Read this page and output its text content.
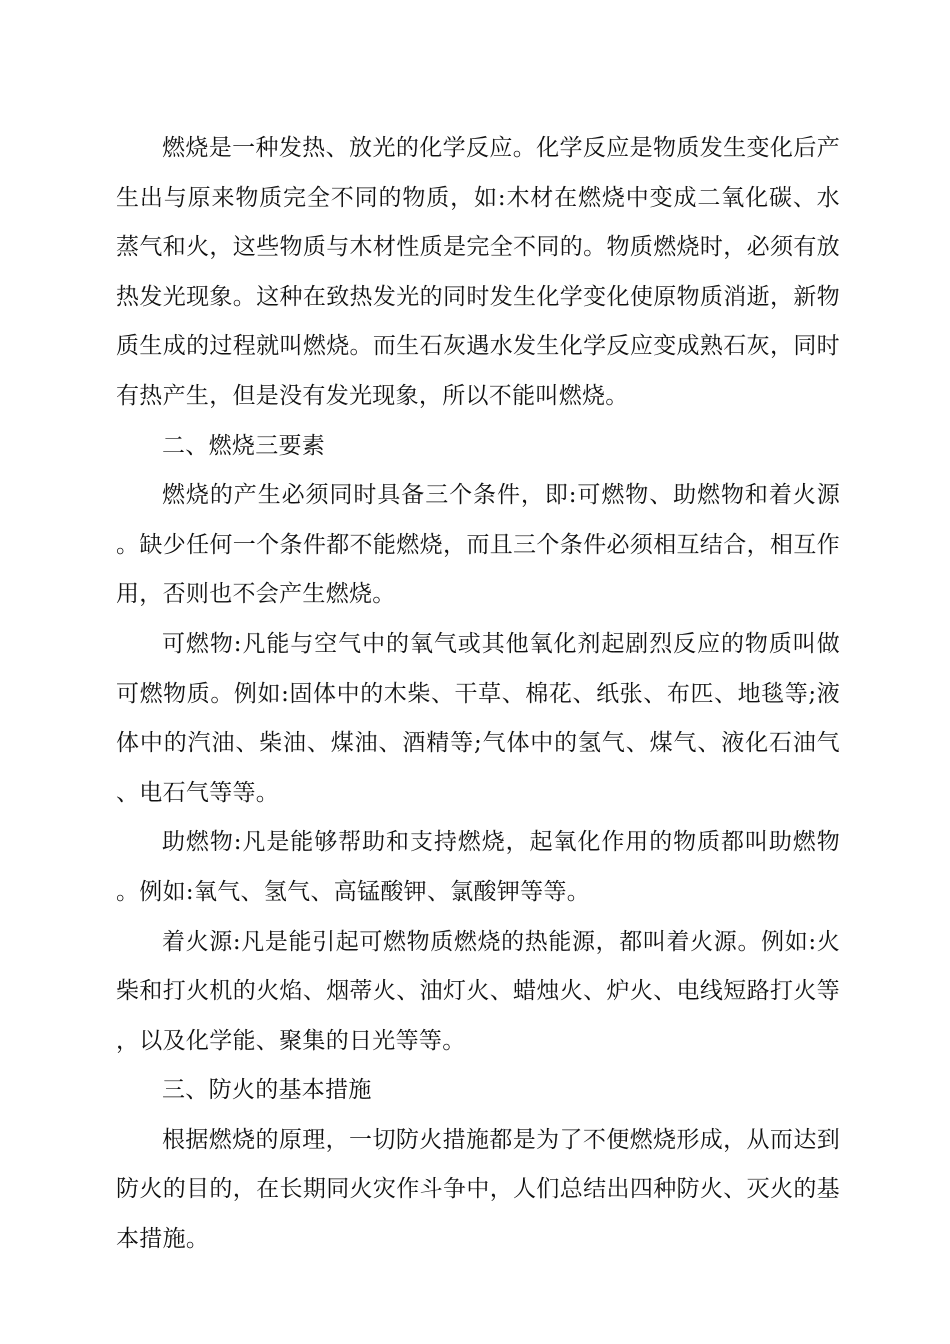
燃烧是一种发热、放光的化学反应。化学反应是物质发生变化后产生出与原来物质完全不同的物质，如:木材在燃烧中变成二氧化碳、水蒸气和火，这些物质与木材性质是完全不同的。物质燃烧时，必须有放热发光现象。这种在致热发光的同时发生化学变化使原物质消逝，新物质生成的过程就叫燃烧。而生石灰遇水发生化学反应变成熟石灰，同时有热产生，但是没有发光现象，所以不能叫燃烧。

二、燃烧三要素

燃烧的产生必须同时具备三个条件，即:可燃物、助燃物和着火源。缺少任何一个条件都不能燃烧，而且三个条件必须相互结合，相互作用，否则也不会产生燃烧。

可燃物:凡能与空气中的氧气或其他氧化剂起剧烈反应的物质叫做可燃物质。例如:固体中的木柴、干草、棉花、纸张、布匹、地毯等;液体中的汽油、柴油、煤油、酒精等;气体中的氢气、煤气、液化石油气、电石气等等。

助燃物:凡是能够帮助和支持燃烧，起氧化作用的物质都叫助燃物。例如:氧气、氢气、高锰酸钾、氯酸钾等等。

着火源:凡是能引起可燃物质燃烧的热能源，都叫着火源。例如:火柴和打火机的火焰、烟蒂火、油灯火、蜡烛火、炉火、电线短路打火等，以及化学能、聚集的日光等等。

三、防火的基本措施

根据燃烧的原理，一切防火措施都是为了不便燃烧形成，从而达到防火的目的，在长期同火灾作斗争中，人们总结出四种防火、灭火的基本措施。
